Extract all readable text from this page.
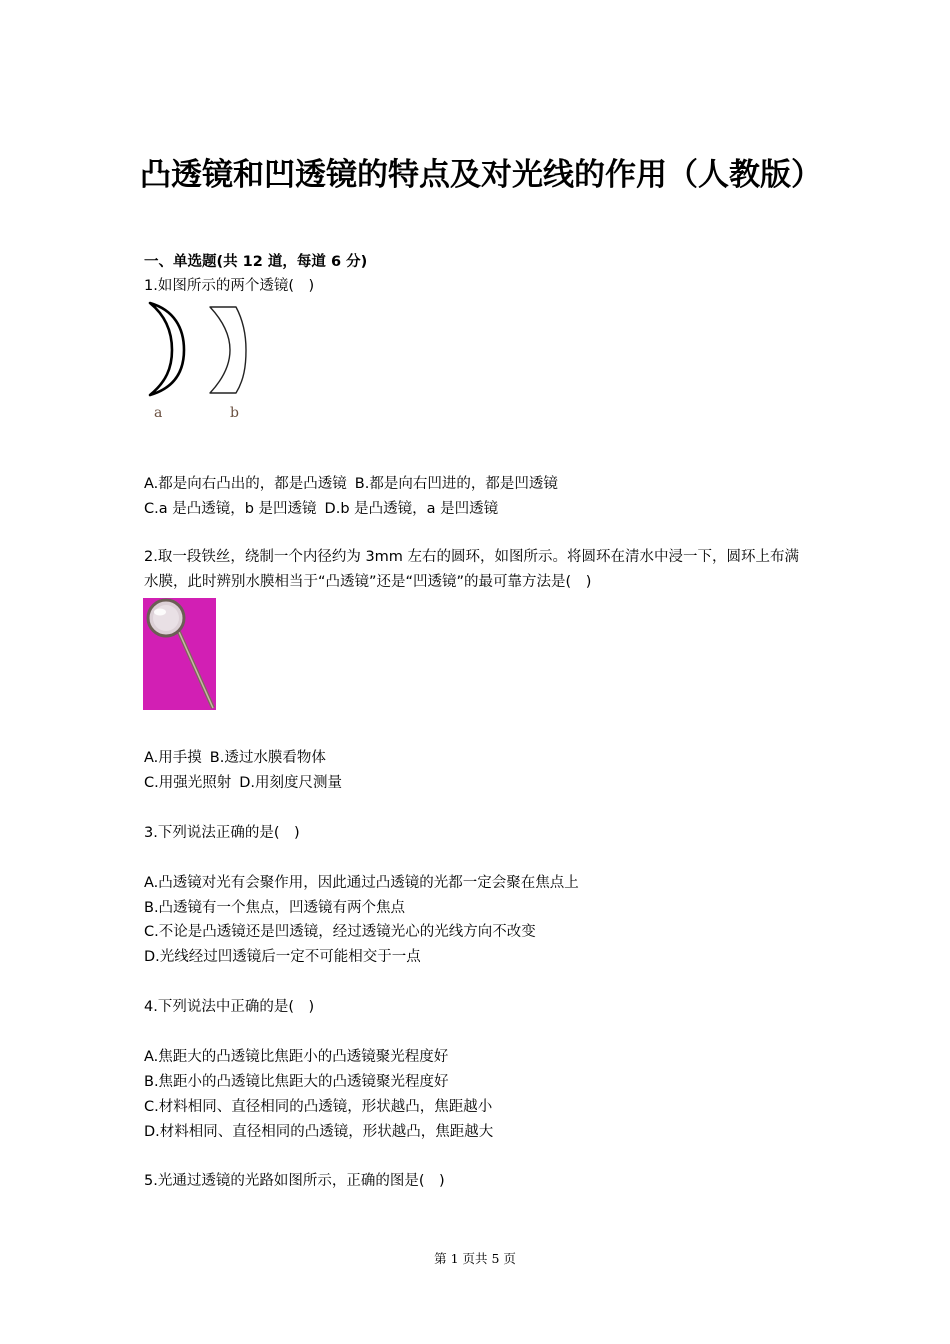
凸透镜和凹透镜的特点及对光线的作用（人教版）
一、单选题(共 12 道，每道 6 分)
1.如图所示的两个透镜(　)
a	b
A.都是向右凸出的，都是凸透镜 B.都是向右凹进的，都是凹透镜
C.a 是凸透镜，b 是凹透镜 D.b 是凸透镜，a 是凹透镜
2.取一段铁丝，绕制一个内径约为 3mm 左右的圆环，如图所示。将圆环在清水中浸一下，圆环上布满水膜，此时辨别水膜相当于“凸透镜”还是“凹透镜”的最可靠方法是(　)
A.用手摸 B.透过水膜看物体
C.用强光照射 D.用刻度尺测量
3.下列说法正确的是(　)
A.凸透镜对光有会聚作用，因此通过凸透镜的光都一定会聚在焦点上
B.凸透镜有一个焦点，凹透镜有两个焦点
C.不论是凸透镜还是凹透镜，经过透镜光心的光线方向不改变
D.光线经过凹透镜后一定不可能相交于一点
4.下列说法中正确的是(　)
A.焦距大的凸透镜比焦距小的凸透镜聚光程度好
B.焦距小的凸透镜比焦距大的凸透镜聚光程度好
C.材料相同、直径相同的凸透镜，形状越凸，焦距越小
D.材料相同、直径相同的凸透镜，形状越凸，焦距越大
5.光通过透镜的光路如图所示，正确的图是(　)
第 1 页共 5 页
